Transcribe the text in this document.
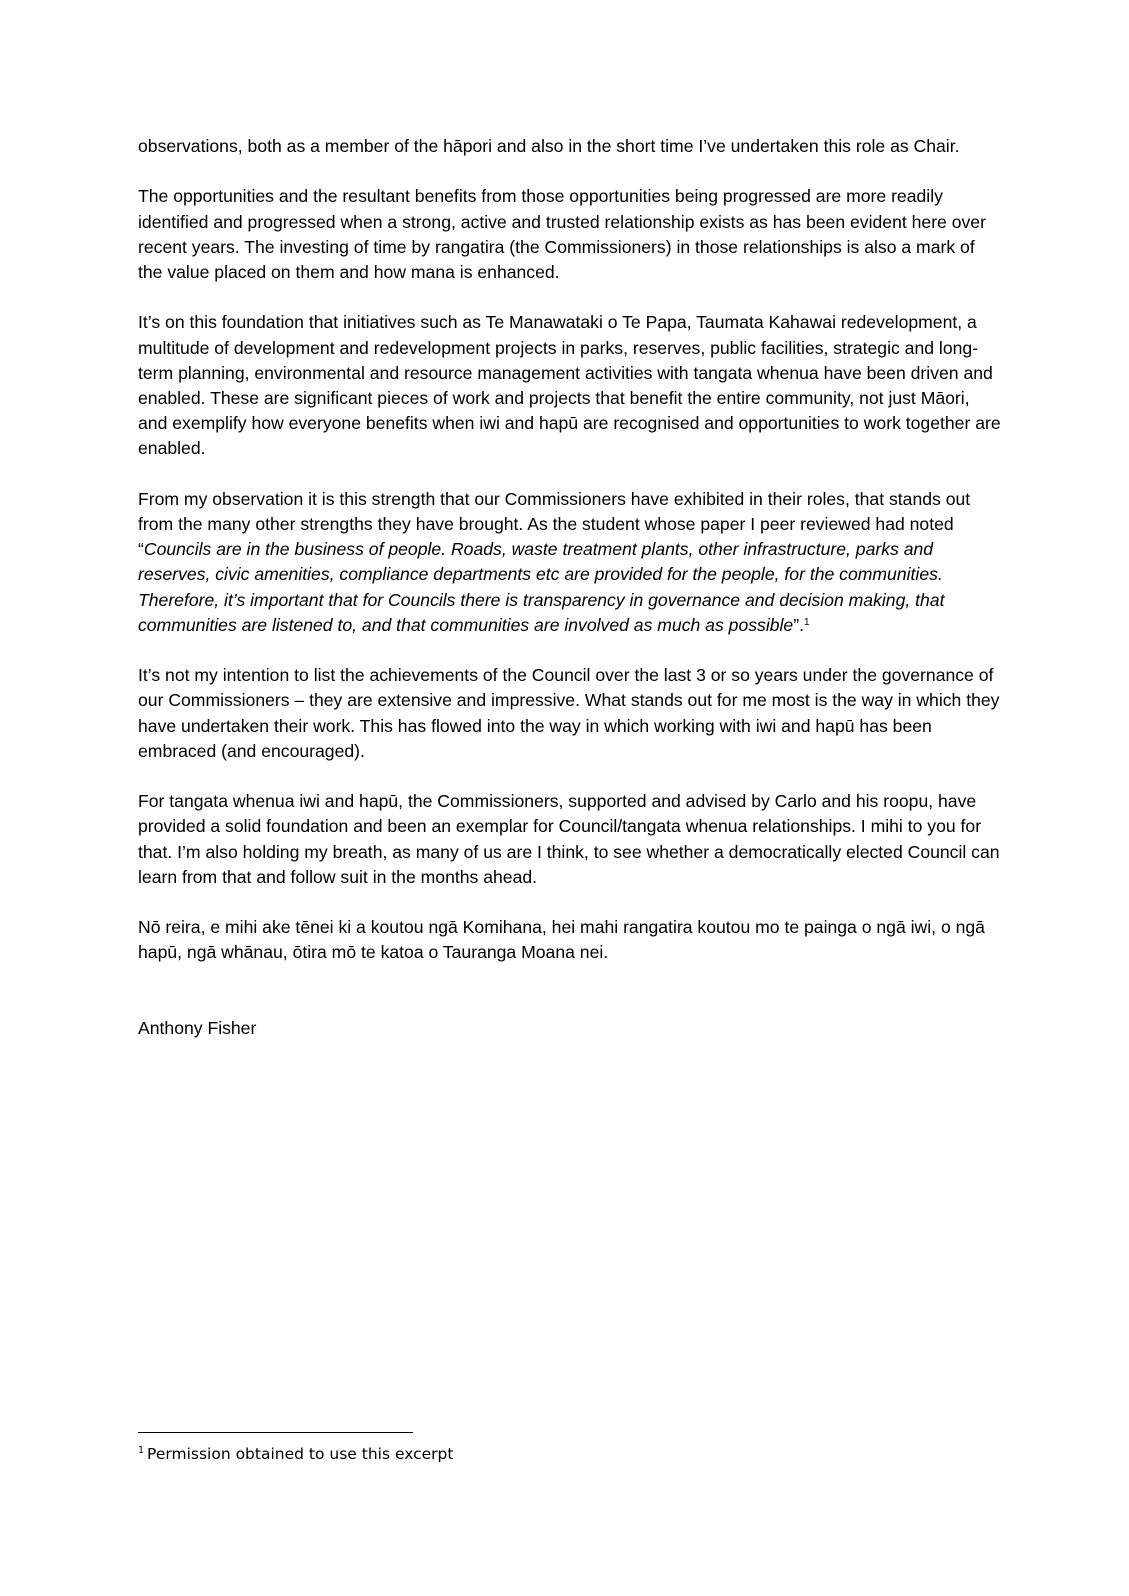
observations, both as a member of the hāpori and also in the short time I’ve undertaken this role as Chair.

The opportunities and the resultant benefits from those opportunities being progressed are more readily identified and progressed when a strong, active and trusted relationship exists as has been evident here over recent years. The investing of time by rangatira (the Commissioners) in those relationships is also a mark of the value placed on them and how mana is enhanced.

It’s on this foundation that initiatives such as Te Manawataki o Te Papa, Taumata Kahawai redevelopment, a multitude of development and redevelopment projects in parks, reserves, public facilities, strategic and long-term planning, environmental and resource management activities with tangata whenua have been driven and enabled. These are significant pieces of work and projects that benefit the entire community, not just Māori, and exemplify how everyone benefits when iwi and hapū are recognised and opportunities to work together are enabled.

From my observation it is this strength that our Commissioners have exhibited in their roles, that stands out from the many other strengths they have brought. As the student whose paper I peer reviewed had noted “Councils are in the business of people. Roads, waste treatment plants, other infrastructure, parks and reserves, civic amenities, compliance departments etc are provided for the people, for the communities. Therefore, it’s important that for Councils there is transparency in governance and decision making, that communities are listened to, and that communities are involved as much as possible”.$^1$

It’s not my intention to list the achievements of the Council over the last 3 or so years under the governance of our Commissioners – they are extensive and impressive. What stands out for me most is the way in which they have undertaken their work. This has flowed into the way in which working with iwi and hapū has been embraced (and encouraged).

For tangata whenua iwi and hapū, the Commissioners, supported and advised by Carlo and his roopu, have provided a solid foundation and been an exemplar for Council/tangata whenua relationships. I mihi to you for that. I’m also holding my breath, as many of us are I think, to see whether a democratically elected Council can learn from that and follow suit in the months ahead.

Nō reira, e mihi ake tēnei ki a koutou ngā Komihana, hei mahi rangatira koutou mo te painga o ngā iwi, o ngā hapū, ngā whānau, ōtira mō te katoa o Tauranga Moana nei.

Anthony Fisher

$^1$ Permission obtained to use this excerpt
